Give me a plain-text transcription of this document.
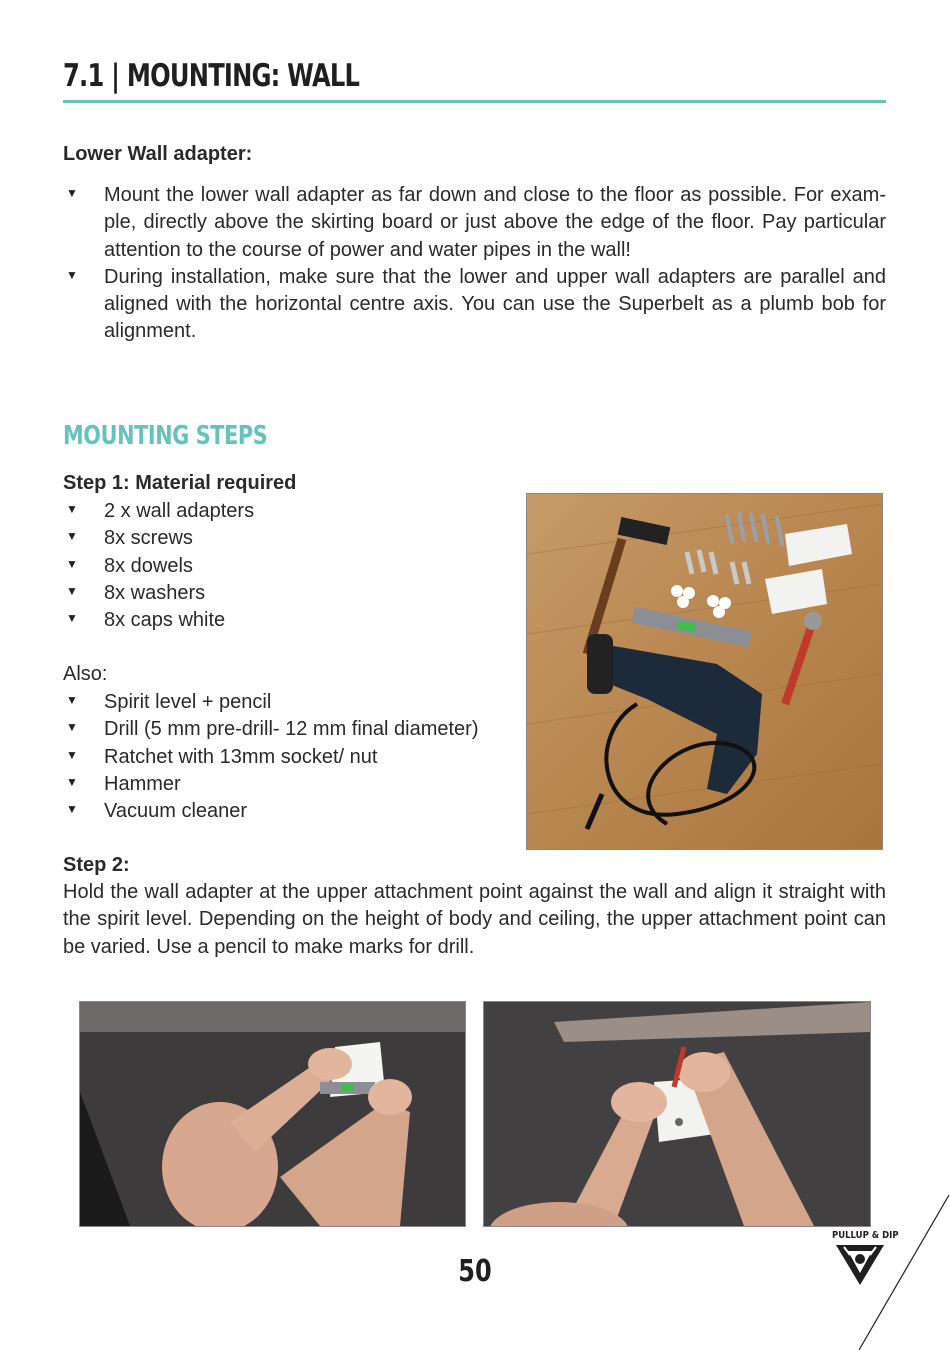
7.1 | MOUNTING: WALL
Lower Wall adapter:
▼ Mount the lower wall adapter as far down and close to the floor as possible. For exam-ple, directly above the skirting board or just above the edge of the floor. Pay particular attention to the course of power and water pipes in the wall!
▼ During installation, make sure that the lower and upper wall adapters are parallel and aligned with the horizontal centre axis. You can use the Superbelt as a plumb bob for alignment.
MOUNTING STEPS
Step 1: Material required
▼ 2 x wall adapters
▼ 8x screws
▼ 8x dowels
▼ 8x washers
▼ 8x caps white
Also:
▼ Spirit level + pencil
▼ Drill (5 mm pre-drill- 12 mm final diameter)
▼ Ratchet with 13mm socket/ nut
▼ Hammer
▼ Vacuum cleaner
Step 2:
Hold the wall adapter at the upper attachment point against the wall and align it straight with the spirit level. Depending on the height of body and ceiling, the upper attachment point can be varied. Use a pencil to make marks for drill.
50
PULLUP & DIP
